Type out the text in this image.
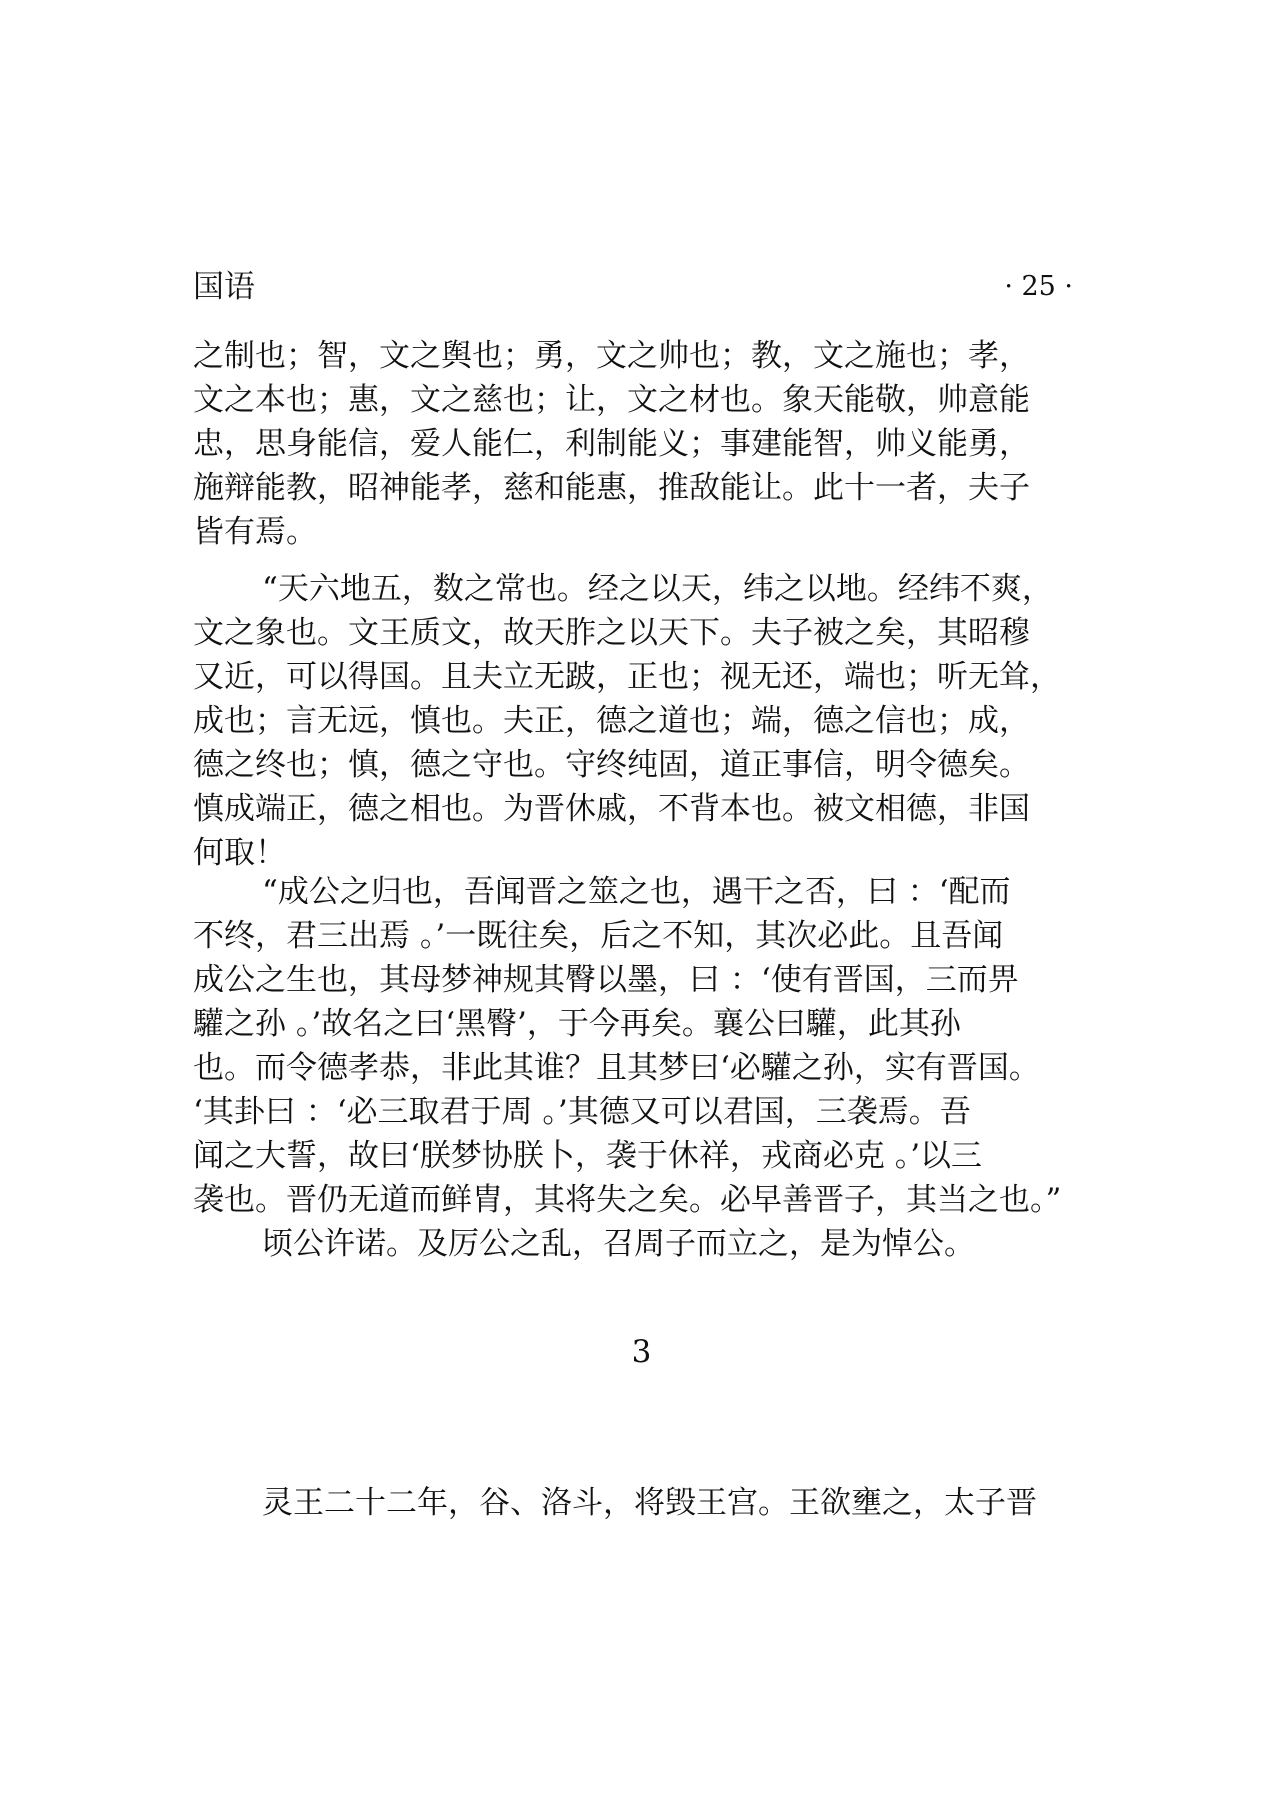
国语	· 25 ·
之制也；智，文之舆也；勇，文之帅也；教，文之施也；孝，
文之本也；惠，文之慈也；让，文之材也。象天能敬，帅意能
忠，思身能信，爱人能仁，利制能义；事建能智，帅义能勇，
施辩能教，昭神能孝，慈和能惠，推敌能让。此十一者，夫子
皆有焉。
“天六地五，数之常也。经之以天，纬之以地。经纬不爽，
文之象也。文王质文，故天胙之以天下。夫子被之矣，其昭穆
又近，可以得国。且夫立无跛，正也；视无还，端也；听无耸，
成也；言无远，慎也。夫正，德之道也；端，德之信也；成，
德之终也；慎，德之守也。守终纯固，道正事信，明令德矣。
慎成端正，德之相也。为晋休戚，不背本也。被文相德，非国
何取！
“成公之归也，吾闻晋之筮之也，遇干之否，曰 ：‘配而
不终，君三出焉 。’一既往矣，后之不知，其次必此。且吾闻
成公之生也，其母梦神规其臀以墨，曰 ：‘使有晋国，三而畀
驩之孙 。’故名之曰‘黑臀’，于今再矣。襄公曰驩，此其孙
也。而令德孝恭，非此其谁？且其梦曰‘必驩之孙，实有晋国。
‘其卦曰 ：‘必三取君于周 。’其德又可以君国，三袭焉。吾
闻之大誓，故曰‘朕梦协朕卜，袭于休祥，戎商必克 。’以三
袭也。晋仍无道而鲜胄，其将失之矣。必早善晋子，其当之也。”
顷公许诺。及厉公之乱，召周子而立之，是为悼公。
3
灵王二十二年，谷、洛斗，将毁王宫。王欲壅之，太子晋
